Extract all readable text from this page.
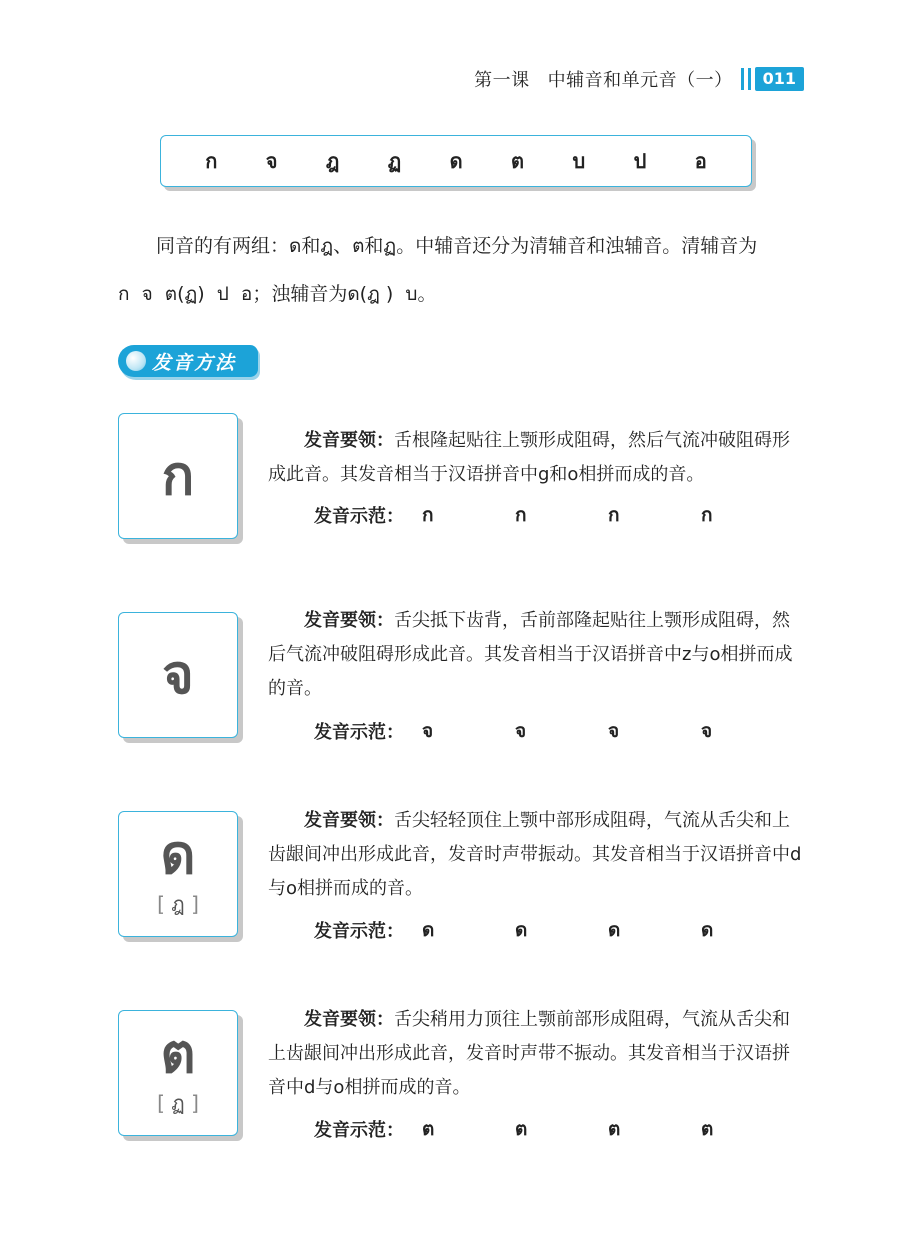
第一课 中辅音和单元音（一）	011
ก จ ฎ ฏ ด ต บ ป อ

同音的有两组：ด和ฎ、ต和ฏ。中辅音还分为清辅音和浊辅音。清辅音为

ก  จ  ต(ฏ)  ป  อ；浊辅音为ด(ฎ )  บ。

发音方法
ก

发音要领：舌根隆起贴往上颚形成阻碍，然后气流冲破阻碍形成此音。其发音相当于汉语拼音中g和o相拼而成的音。

发音示范： ก	ก	ก	ก
จ

发音要领：舌尖抵下齿背，舌前部隆起贴往上颚形成阻碍，然后气流冲破阻碍形成此音。其发音相当于汉语拼音中z与o相拼而成的音。

发音示范： จ	จ	จ	จ
ด
[ ฎ ]

发音要领：舌尖轻轻顶住上颚中部形成阻碍，气流从舌尖和上齿龈间冲出形成此音，发音时声带振动。其发音相当于汉语拼音中d与o相拼而成的音。

发音示范： ด	ด	ด	ด
ต
[ ฏ ]

发音要领：舌尖稍用力顶往上颚前部形成阻碍，气流从舌尖和上齿龈间冲出形成此音，发音时声带不振动。其发音相当于汉语拼音中d与o相拼而成的音。

发音示范： ต	ต	ต	ต
